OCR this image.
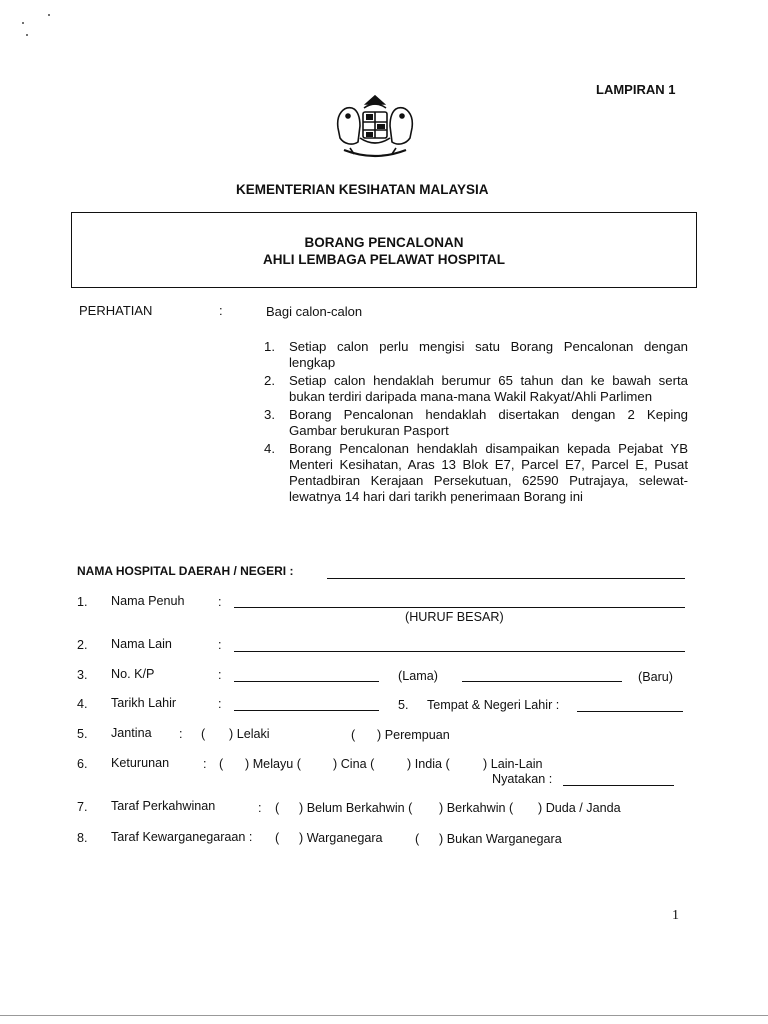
LAMPIRAN 1
KEMENTERIAN KESIHATAN MALAYSIA
BORANG PENCALONAN
AHLI LEMBAGA PELAWAT HOSPITAL
PERHATIAN	:	Bagi calon-calon
1. Setiap calon perlu mengisi satu Borang Pencalonan dengan lengkap
2. Setiap calon hendaklah berumur 65 tahun dan ke bawah serta bukan terdiri daripada mana-mana Wakil Rakyat/Ahli Parlimen
3. Borang Pencalonan hendaklah disertakan dengan 2 Keping Gambar berukuran Pasport
4. Borang Pencalonan hendaklah disampaikan kepada Pejabat YB Menteri Kesihatan, Aras 13 Blok E7, Parcel E7, Parcel E, Pusat Pentadbiran Kerajaan Persekutuan, 62590 Putrajaya, selewat-lewatnya 14 hari dari tarikh penerimaan Borang ini
NAMA HOSPITAL DAERAH / NEGERI :
1. Nama Penuh	:
(HURUF BESAR)
2. Nama Lain	:
3. No. K/P	:	(Lama)	(Baru)
4. Tarikh Lahir	:	5. Tempat & Negeri Lahir :
5. Jantina : ( ) Lelaki	( ) Perempuan
6. Keturunan	: ( ) Melayu (	) Cina (	) India (	) Lain-Lain
Nyatakan :
7. Taraf Perkahwinan	: ( ) Belum Berkahwin ( ) Berkahwin ( ) Duda / Janda
8. Taraf Kewarganegaraan : ( ) Warganegara	( ) Bukan Warganegara
1
